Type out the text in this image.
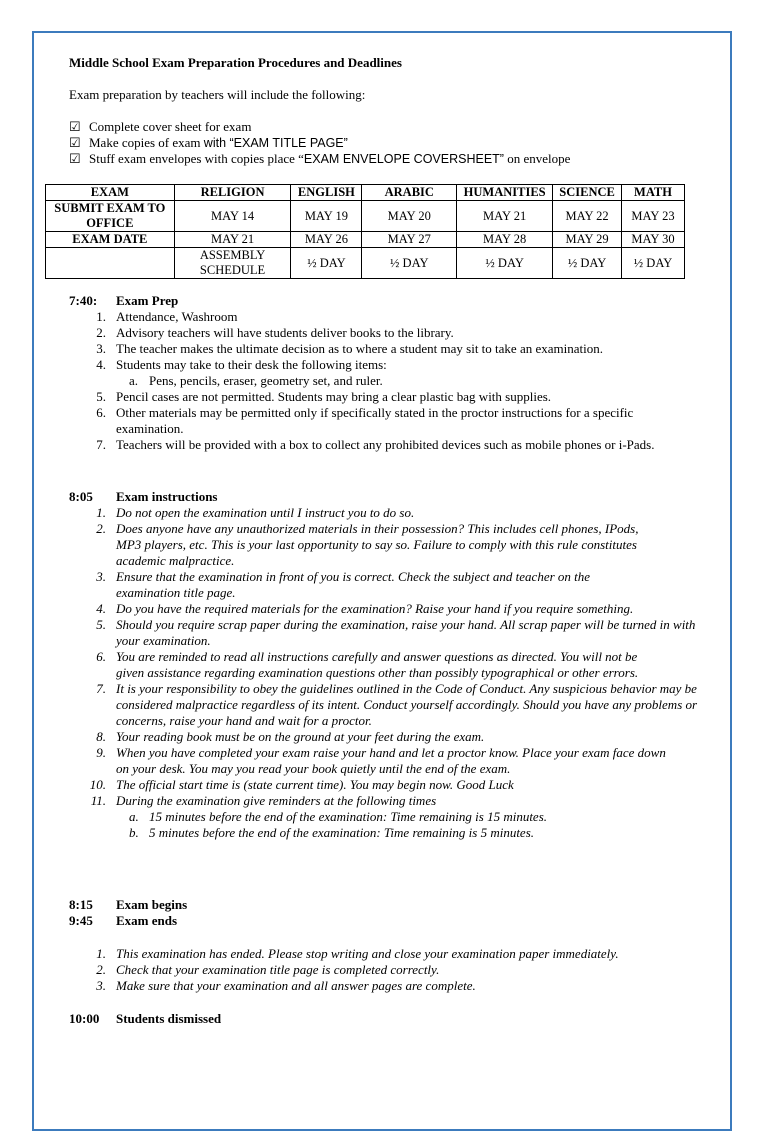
Middle School Exam Preparation Procedures and Deadlines
Exam preparation by teachers will include the following:
☑ Complete cover sheet for exam
☑ Make copies of exam with “EXAM TITLE PAGE”
☑ Stuff exam envelopes with copies place “EXAM ENVELOPE COVERSHEET” on envelope
EXAM	RELIGION	ENGLISH	ARABIC	HUMANITIES	SCIENCE	MATH
SUBMIT EXAM TO OFFICE	MAY 14	MAY 19	MAY 20	MAY 21	MAY 22	MAY 23
EXAM DATE	MAY 21	MAY 26	MAY 27	MAY 28	MAY 29	MAY 30
	ASSEMBLY SCHEDULE	½ DAY	½ DAY	½ DAY	½ DAY	½ DAY
7:40: Exam Prep
1. Attendance, Washroom
2. Advisory teachers will have students deliver books to the library.
3. The teacher makes the ultimate decision as to where a student may sit to take an examination.
4. Students may take to their desk the following items:
a. Pens, pencils, eraser, geometry set, and ruler.
5. Pencil cases are not permitted. Students may bring a clear plastic bag with supplies.
6. Other materials may be permitted only if specifically stated in the proctor instructions for a specific examination.
7. Teachers will be provided with a box to collect any prohibited devices such as mobile phones or i-Pads.
8:05 Exam instructions
1. Do not open the examination until I instruct you to do so.
2. Does anyone have any unauthorized materials in their possession? This includes cell phones, IPods, MP3 players, etc. This is your last opportunity to say so. Failure to comply with this rule constitutes academic malpractice.
3. Ensure that the examination in front of you is correct. Check the subject and teacher on the examination title page.
4. Do you have the required materials for the examination? Raise your hand if you require something.
5. Should you require scrap paper during the examination, raise your hand. All scrap paper will be turned in with your examination.
6. You are reminded to read all instructions carefully and answer questions as directed. You will not be given assistance regarding examination questions other than possibly typographical or other errors.
7. It is your responsibility to obey the guidelines outlined in the Code of Conduct. Any suspicious behavior may be considered malpractice regardless of its intent. Conduct yourself accordingly. Should you have any problems or concerns, raise your hand and wait for a proctor.
8. Your reading book must be on the ground at your feet during the exam.
9. When you have completed your exam raise your hand and let a proctor know. Place your exam face down on your desk. You may you read your book quietly until the end of the exam.
10. The official start time is (state current time). You may begin now. Good Luck
11. During the examination give reminders at the following times
a. 15 minutes before the end of the examination: Time remaining is 15 minutes.
b. 5 minutes before the end of the examination: Time remaining is 5 minutes.
8:15 Exam begins
9:45 Exam ends
1. This examination has ended. Please stop writing and close your examination paper immediately.
2. Check that your examination title page is completed correctly.
3. Make sure that your examination and all answer pages are complete.
10:00 Students dismissed
